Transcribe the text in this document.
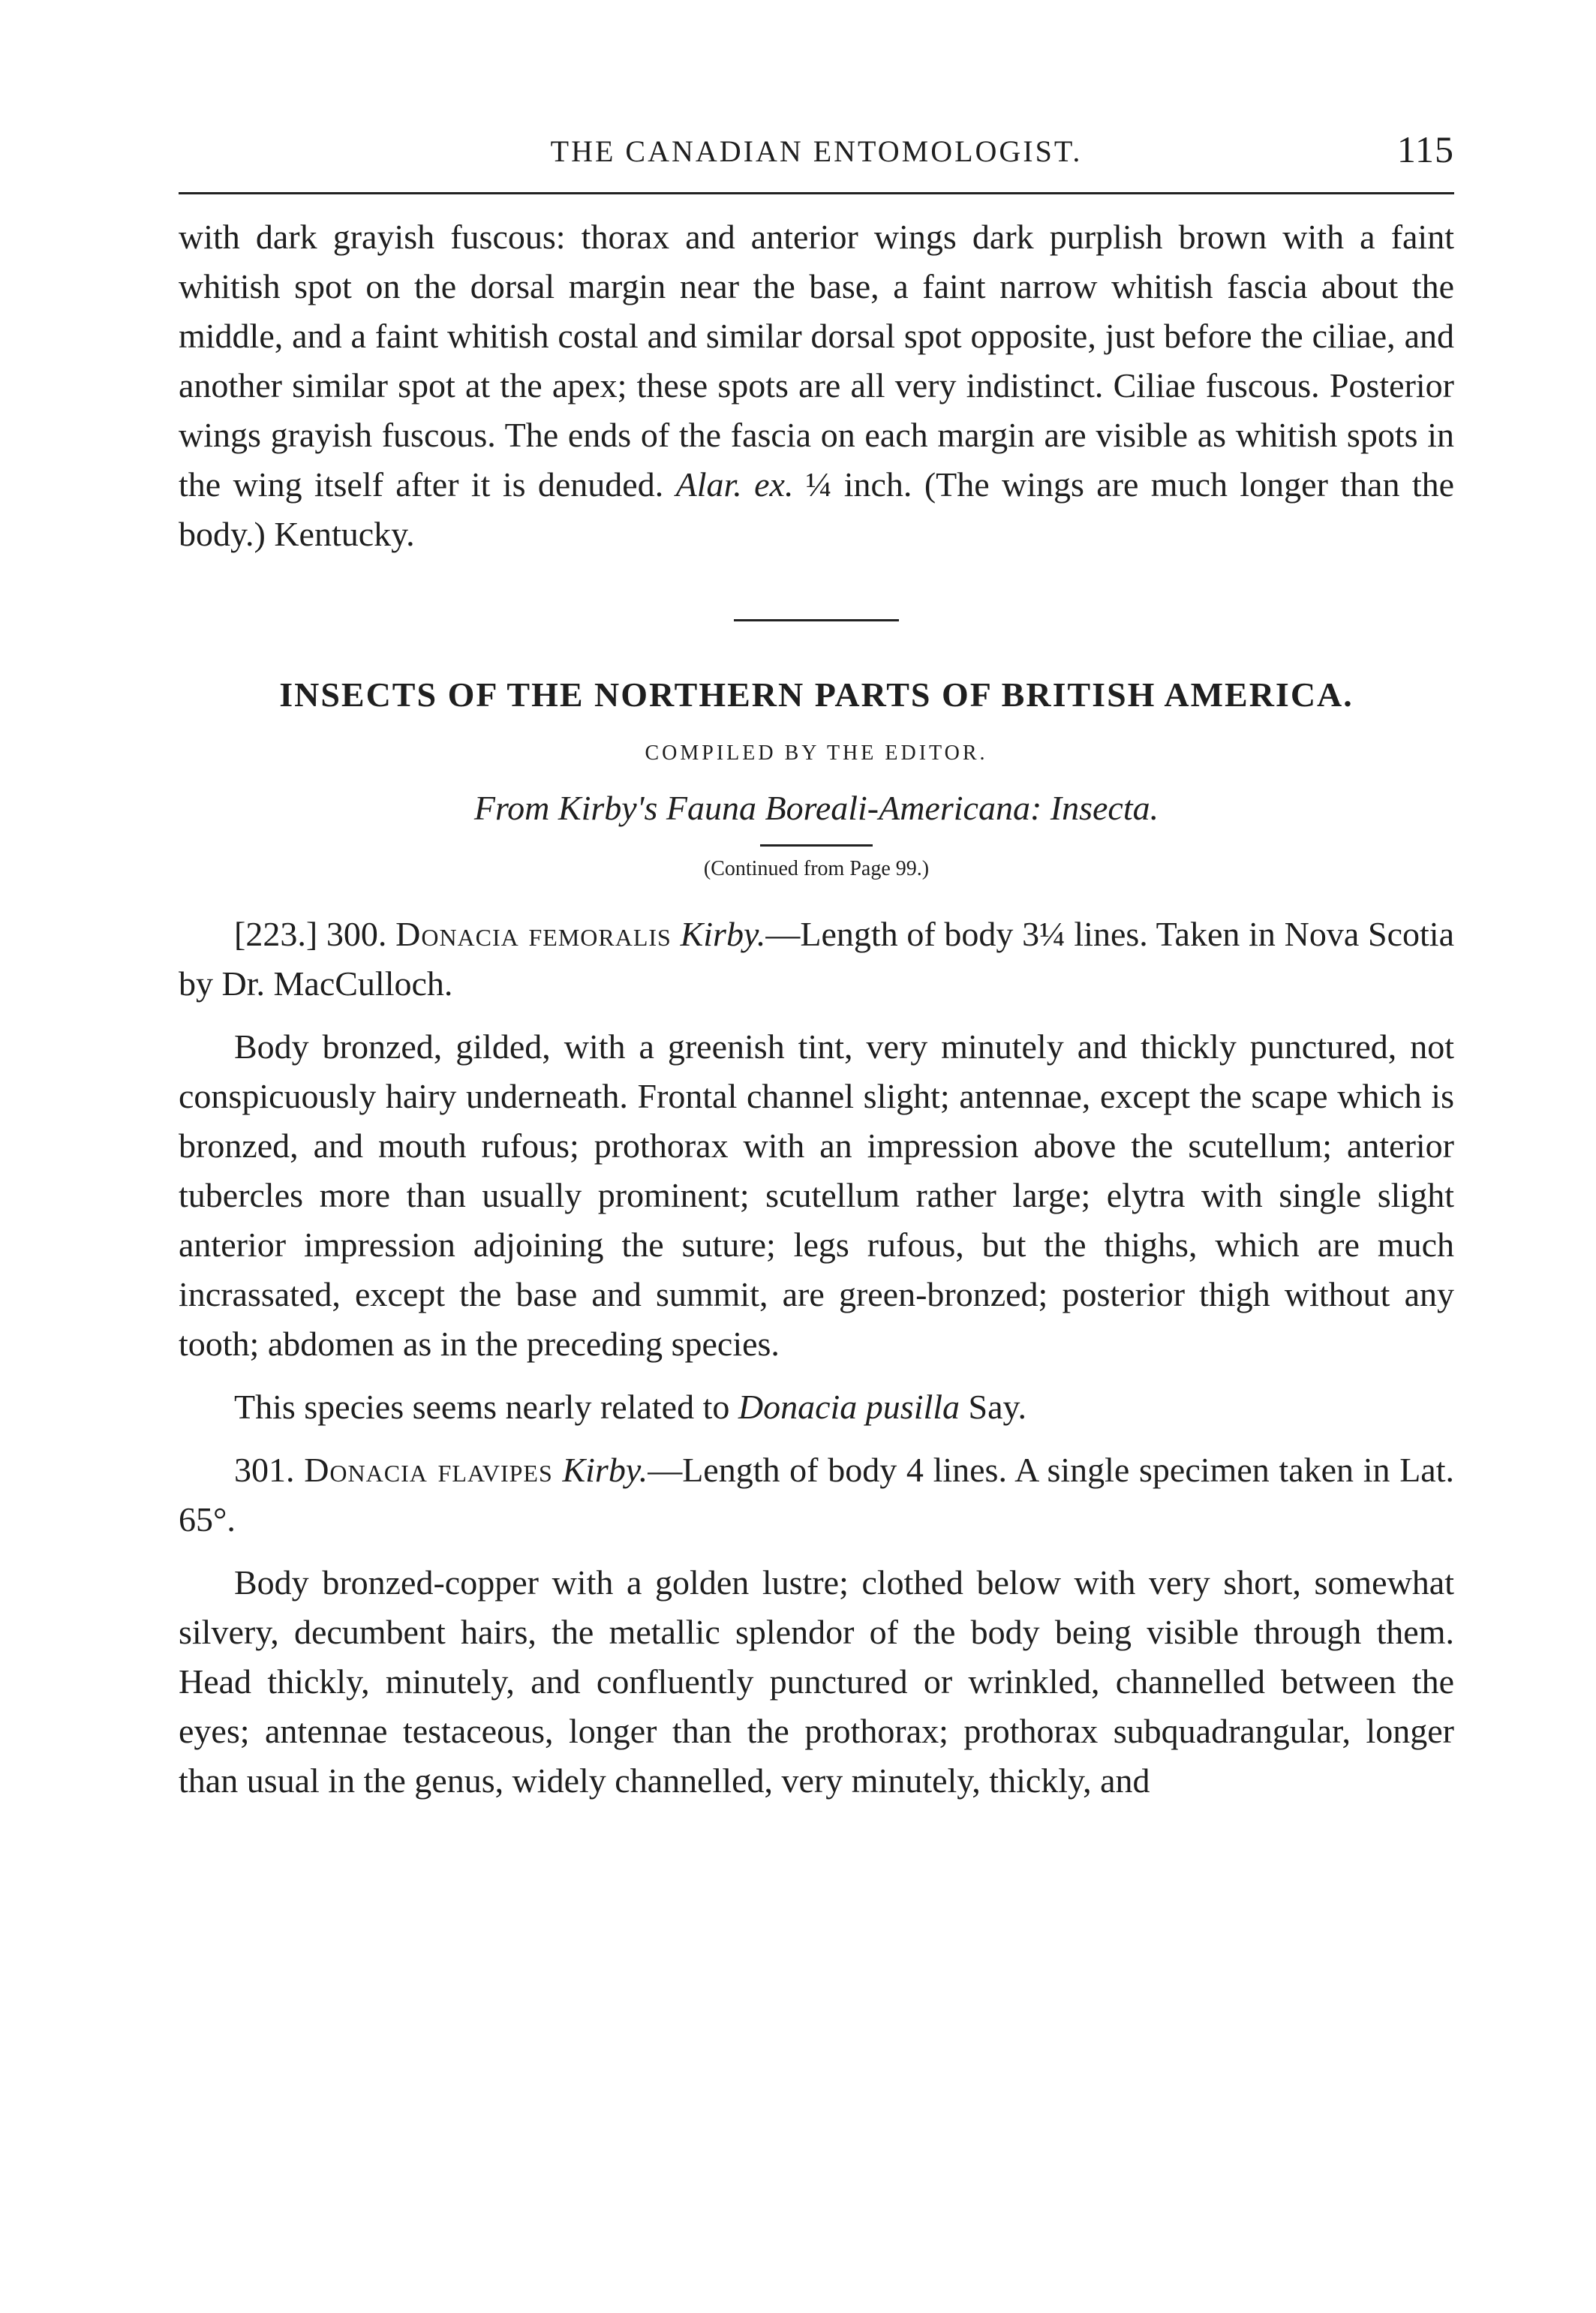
THE CANADIAN ENTOMOLOGIST.	115

with dark grayish fuscous: thorax and anterior wings dark purplish brown with a faint whitish spot on the dorsal margin near the base, a faint narrow whitish fascia about the middle, and a faint whitish costal and similar dorsal spot opposite, just before the ciliae, and another similar spot at the apex; these spots are all very indistinct. Ciliae fuscous. Posterior wings grayish fuscous. The ends of the fascia on each margin are visible as whitish spots in the wing itself after it is denuded. Alar. ex. ¼ inch. (The wings are much longer than the body.) Kentucky.

INSECTS OF THE NORTHERN PARTS OF BRITISH AMERICA.
COMPILED BY THE EDITOR.
From Kirby's Fauna Boreali-Americana: Insecta.
(Continued from Page 99.)

[223.] 300. Donacia femoralis Kirby.—Length of body 3¼ lines. Taken in Nova Scotia by Dr. MacCulloch.

Body bronzed, gilded, with a greenish tint, very minutely and thickly punctured, not conspicuously hairy underneath. Frontal channel slight; antennae, except the scape which is bronzed, and mouth rufous; prothorax with an impression above the scutellum; anterior tubercles more than usually prominent; scutellum rather large; elytra with single slight anterior impression adjoining the suture; legs rufous, but the thighs, which are much incrassated, except the base and summit, are green-bronzed; posterior thigh without any tooth; abdomen as in the preceding species.

This species seems nearly related to Donacia pusilla Say.

301. Donacia flavipes Kirby.—Length of body 4 lines. A single specimen taken in Lat. 65°.

Body bronzed-copper with a golden lustre; clothed below with very short, somewhat silvery, decumbent hairs, the metallic splendor of the body being visible through them. Head thickly, minutely, and confluently punctured or wrinkled, channelled between the eyes; antennae testaceous, longer than the prothorax; prothorax subquadrangular, longer than usual in the genus, widely channelled, very minutely, thickly, and
